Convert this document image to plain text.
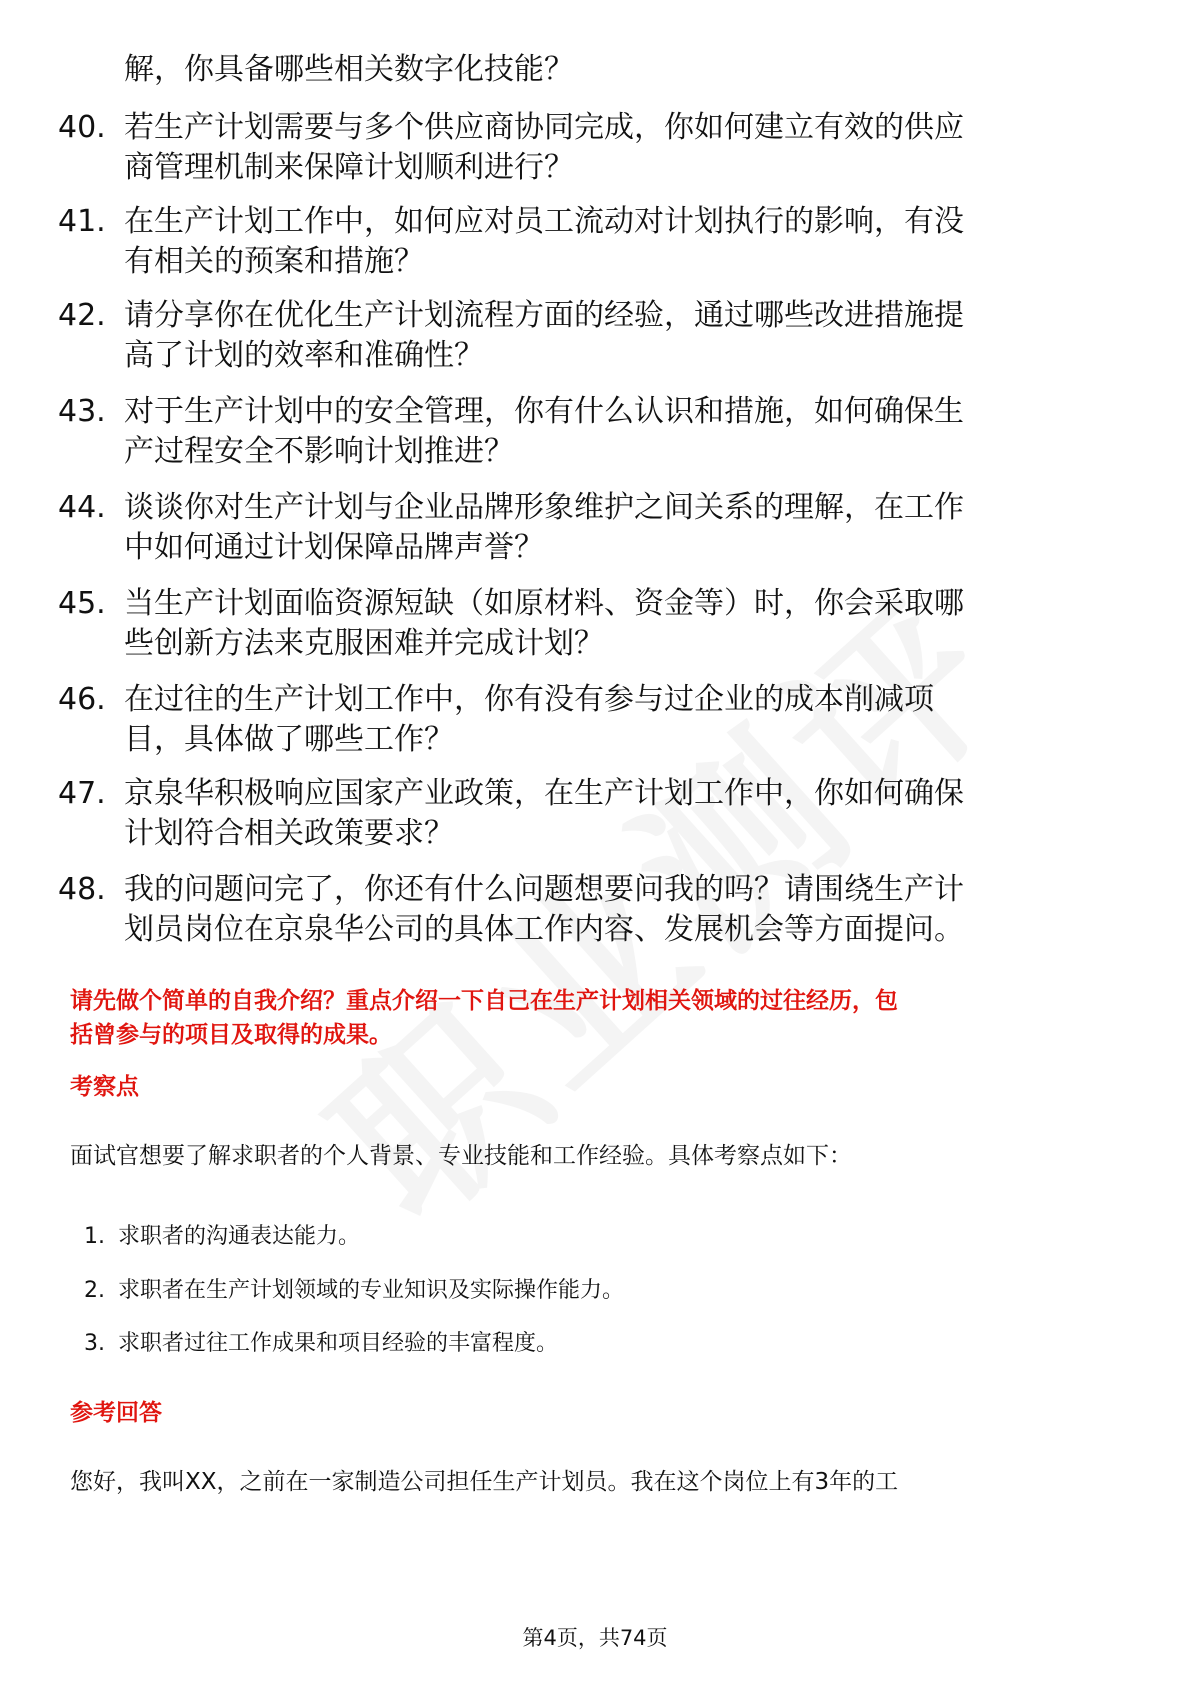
解，你具备哪些相关数字化技能？
40. 若生产计划需要与多个供应商协同完成，你如何建立有效的供应
商管理机制来保障计划顺利进行？
41. 在生产计划工作中，如何应对员工流动对计划执行的影响，有没
有相关的预案和措施？
42. 请分享你在优化生产计划流程方面的经验，通过哪些改进措施提
高了计划的效率和准确性？
43. 对于生产计划中的安全管理，你有什么认识和措施，如何确保生
产过程安全不影响计划推进？
44. 谈谈你对生产计划与企业品牌形象维护之间关系的理解，在工作
中如何通过计划保障品牌声誉？
45. 当生产计划面临资源短缺（如原材料、资金等）时，你会采取哪
些创新方法来克服困难并完成计划？
46. 在过往的生产计划工作中，你有没有参与过企业的成本削减项
目，具体做了哪些工作？
47. 京泉华积极响应国家产业政策，在生产计划工作中，你如何确保
计划符合相关政策要求？
48. 我的问题问完了，你还有什么问题想要问我的吗？请围绕生产计
划员岗位在京泉华公司的具体工作内容、发展机会等方面提问。
请先做个简单的自我介绍？重点介绍一下自己在生产计划相关领域的过往经历，包
括曾参与的项目及取得的成果。
考察点
面试官想要了解求职者的个人背景、专业技能和工作经验。具体考察点如下：
1. 求职者的沟通表达能力。
2. 求职者在生产计划领域的专业知识及实际操作能力。
3. 求职者过往工作成果和项目经验的丰富程度。
参考回答
您好，我叫XX，之前在一家制造公司担任生产计划员。我在这个岗位上有3年的工
第4页，共74页
